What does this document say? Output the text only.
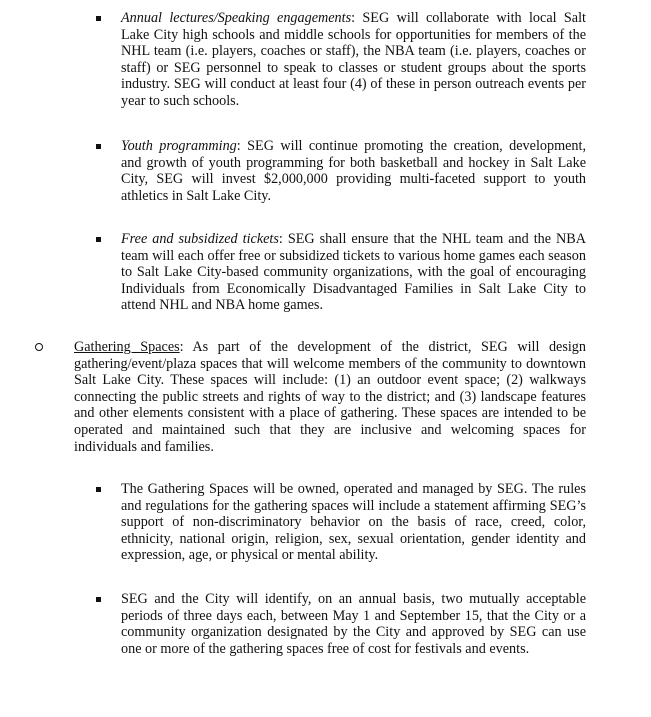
Annual lectures/Speaking engagements: SEG will collaborate with local Salt Lake City high schools and middle schools for opportunities for members of the NHL team (i.e. players, coaches or staff), the NBA team (i.e. players, coaches or staff) or SEG personnel to speak to classes or student groups about the sports industry. SEG will conduct at least four (4) of these in person outreach events per year to such schools.

Youth programming: SEG will continue promoting the creation, development, and growth of youth programming for both basketball and hockey in Salt Lake City, SEG will invest $2,000,000 providing multi-faceted support to youth athletics in Salt Lake City.

Free and subsidized tickets: SEG shall ensure that the NHL team and the NBA team will each offer free or subsidized tickets to various home games each season to Salt Lake City-based community organizations, with the goal of encouraging Individuals from Economically Disadvantaged Families in Salt Lake City to attend NHL and NBA home games.

Gathering Spaces: As part of the development of the district, SEG will design gathering/event/plaza spaces that will welcome members of the community to downtown Salt Lake City. These spaces will include: (1) an outdoor event space; (2) walkways connecting the public streets and rights of way to the district; and (3) landscape features and other elements consistent with a place of gathering. These spaces are intended to be operated and maintained such that they are inclusive and welcoming spaces for individuals and families.

The Gathering Spaces will be owned, operated and managed by SEG. The rules and regulations for the gathering spaces will include a statement affirming SEG’s support of non-discriminatory behavior on the basis of race, creed, color, ethnicity, national origin, religion, sex, sexual orientation, gender identity and expression, age, or physical or mental ability.

SEG and the City will identify, on an annual basis, two mutually acceptable periods of three days each, between May 1 and September 15, that the City or a community organization designated by the City and approved by SEG can use one or more of the gathering spaces free of cost for festivals and events.
